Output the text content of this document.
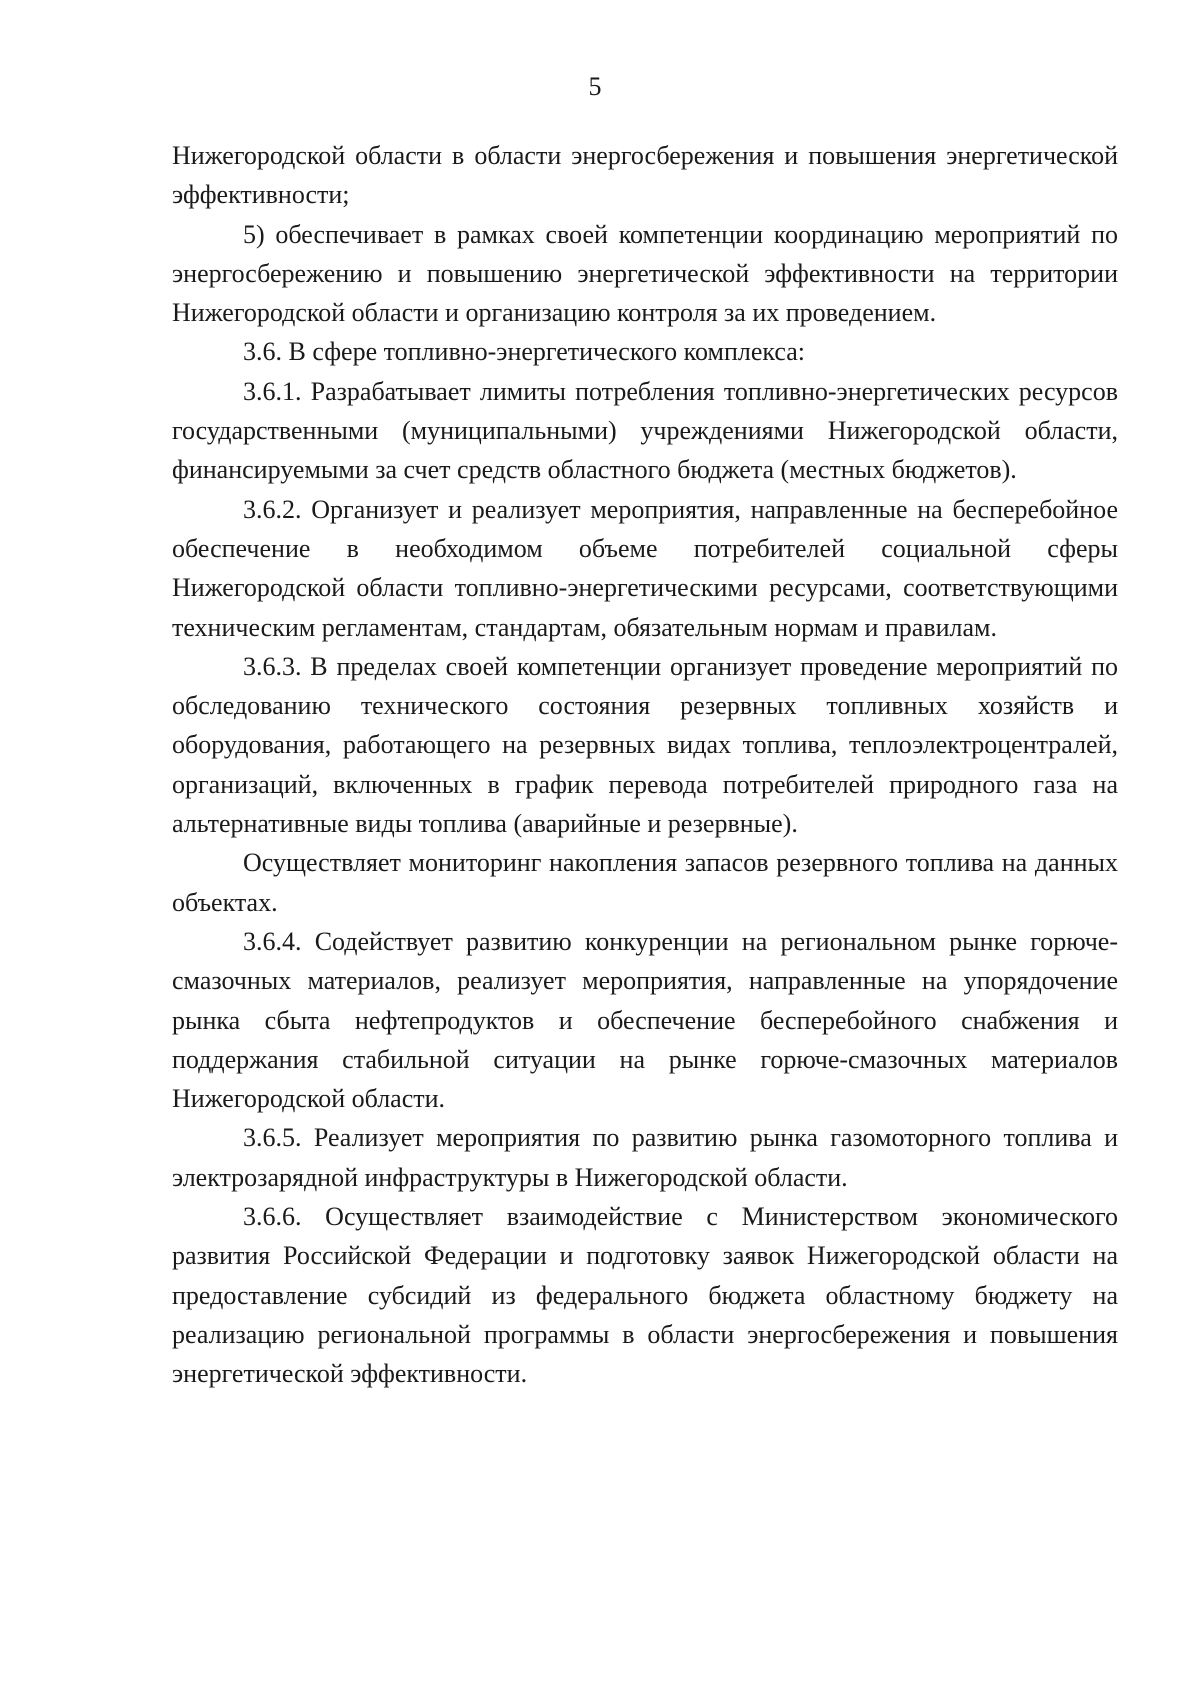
5

Нижегородской области в области энергосбережения и повышения энергетической эффективности;

5) обеспечивает в рамках своей компетенции координацию мероприятий по энергосбережению и повышению энергетической эффективности на территории Нижегородской области и организацию контроля за их проведением.

3.6. В сфере топливно-энергетического комплекса:

3.6.1. Разрабатывает лимиты потребления топливно-энергетических ресурсов государственными (муниципальными) учреждениями Нижегородской области, финансируемыми за счет средств областного бюджета (местных бюджетов).

3.6.2. Организует и реализует мероприятия, направленные на бесперебойное обеспечение в необходимом объеме потребителей социальной сферы Нижегородской области топливно-энергетическими ресурсами, соответствующими техническим регламентам, стандартам, обязательным нормам и правилам.

3.6.3. В пределах своей компетенции организует проведение мероприятий по обследованию технического состояния резервных топливных хозяйств и оборудования, работающего на резервных видах топлива, теплоэлектроцентралей, организаций, включенных в график перевода потребителей природного газа на альтернативные виды топлива (аварийные и резервные).

Осуществляет мониторинг накопления запасов резервного топлива на данных объектах.

3.6.4. Содействует развитию конкуренции на региональном рынке горюче-смазочных материалов, реализует мероприятия, направленные на упорядочение рынка сбыта нефтепродуктов и обеспечение бесперебойного снабжения и поддержания стабильной ситуации на рынке горюче-смазочных материалов Нижегородской области.

3.6.5. Реализует мероприятия по развитию рынка газомоторного топлива и электрозарядной инфраструктуры в Нижегородской области.

3.6.6. Осуществляет взаимодействие с Министерством экономического развития Российской Федерации и подготовку заявок Нижегородской области на предоставление субсидий из федерального бюджета областному бюджету на реализацию региональной программы в области энергосбережения и повышения энергетической эффективности.
